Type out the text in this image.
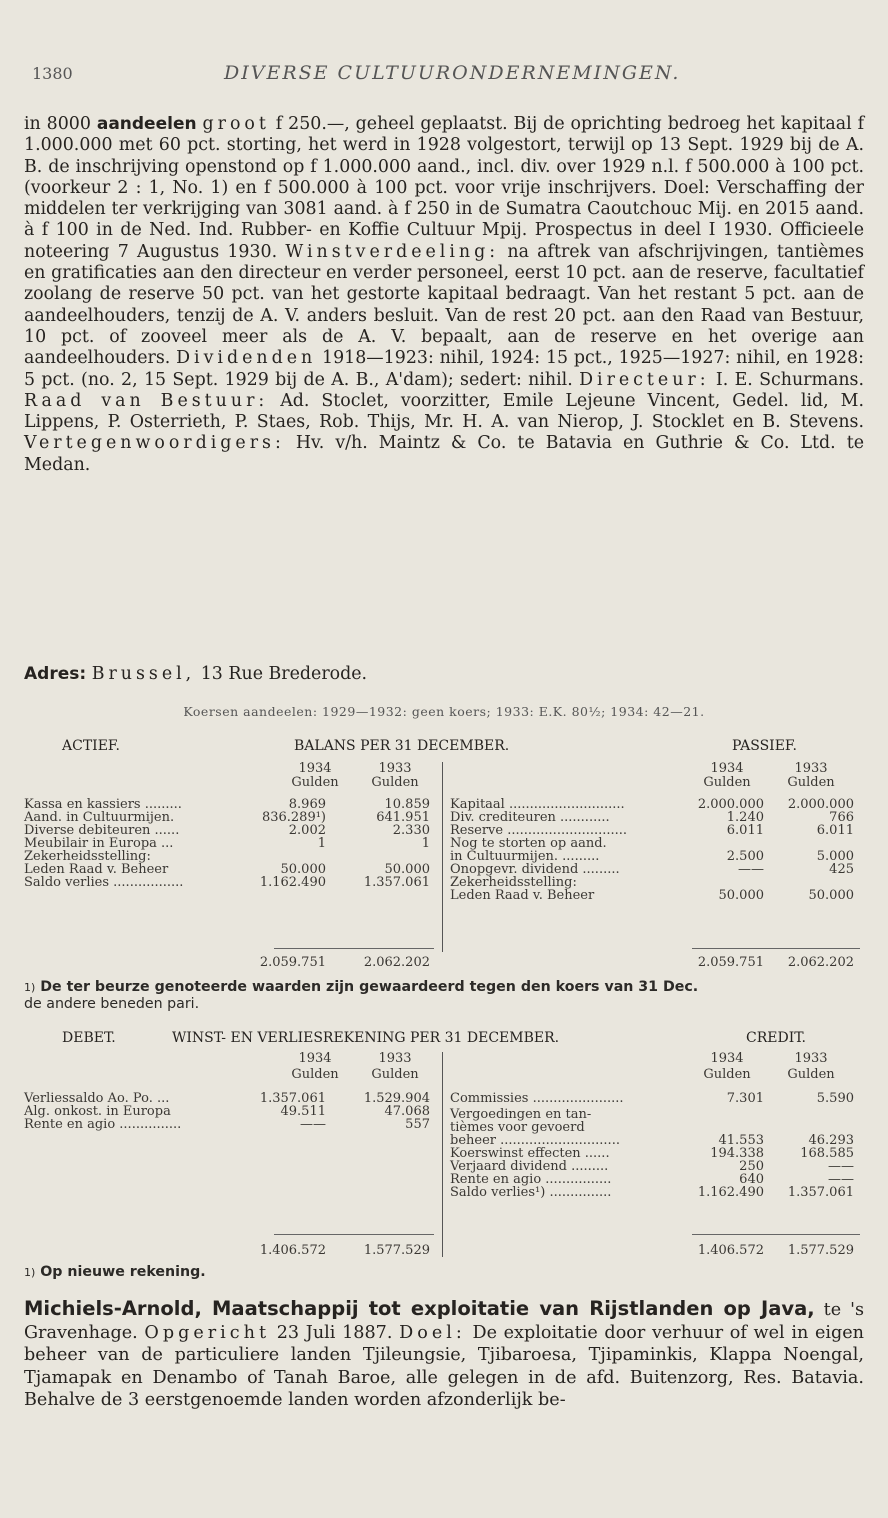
1380	DIVERSE CULTUURONDERNEMINGEN.
in 8000 aandeelen groot f 250.—, geheel geplaatst. Bij de oprichting bedroeg het kapitaal f 1.000.000 met 60 pct. storting, het werd in 1928 volgestort, terwijl op 13 Sept. 1929 bij de A. B. de inschrijving openstond op f 1.000.000 aand., incl. div. over 1929 n.l. f 500.000 à 100 pct. (voorkeur 2 : 1, No. 1) en f 500.000 à 100 pct. voor vrije inschrijvers. Doel: Verschaffing der middelen ter verkrijging van 3081 aand. à f 250 in de Sumatra Caoutchouc Mij. en 2015 aand. à f 100 in de Ned. Ind. Rubber- en Koffie Cultuur Mpij. Prospectus in deel I 1930. Officieele noteering 7 Augustus 1930. Winstverdeeling: na aftrek van afschrijvingen, tantièmes en gratificaties aan den directeur en verder personeel, eerst 10 pct. aan de reserve, facultatief zoolang de reserve 50 pct. van het gestorte kapitaal bedraagt. Van het restant 5 pct. aan de aandeelhouders, tenzij de A. V. anders besluit. Van de rest 20 pct. aan den Raad van Bestuur, 10 pct. of zooveel meer als de A. V. bepaalt, aan de reserve en het overige aan aandeelhouders. Dividenden 1918—1923: nihil, 1924: 15 pct., 1925—1927: nihil, en 1928: 5 pct. (no. 2, 15 Sept. 1929 bij de A. B., A'dam); sedert: nihil. Directeur: I. E. Schurmans. Raad van Bestuur: Ad. Stoclet, voorzitter, Emile Lejeune Vincent, Gedel. lid, M. Lippens, P. Osterrieth, P. Staes, Rob. Thijs, Mr. H. A. van Nierop, J. Stocklet en B. Stevens. Vertegenwoordigers: Hv. v/h. Maintz & Co. te Batavia en Guthrie & Co. Ltd. te Medan.
Adres: Brussel, 13 Rue Brederode.
Koersen aandeelen: 1929—1932: geen koers; 1933: E.K. 80½; 1934: 42—21.
ACTIEF.	BALANS PER 31 DECEMBER.	PASSIEF.
1934	1933	1934	1933
Gulden	Gulden	Gulden	Gulden
Kassa en kassiers .........	8.969	10.859
Aand. in Cultuurmijen.	836.289¹)	641.951
Diverse debiteuren ......	2.002	2.330
Meubilair in Europa ...	1	1
Zekerheidsstelling:
Leden Raad v. Beheer	50.000	50.000
Saldo verlies .................	1.162.490	1.357.061
Kapitaal ............................	2.000.000 2.000.000
Div. crediteuren ............	1.240	766
Reserve .............................	6.011	6.011
Nog te storten op aand.
in Cultuurmijen. .........	2.500	5.000
Onopgevr. dividend .........	——	425
Zekerheidsstelling:
Leden Raad v. Beheer	50.000	50.000
2.059.751	2.062.202	2.059.751 2.062.202
1) De ter beurze genoteerde waarden zijn gewaardeerd tegen den koers van 31 Dec.
de andere beneden pari.
DEBET.	WINST- EN VERLIESREKENING PER 31 DECEMBER.	CREDIT.
1934	1933	1934	1933
Gulden	Gulden	Gulden	Gulden
Verliessaldo Ao. Po. ...	1.357.061	1.529.904
Alg. onkost. in Europa	49.511	47.068
Rente en agio ...............	——	557
Commissies ......................	7.301	5.590
Vergoedingen en tan-
tièmes voor gevoerd
beheer .............................	41.553	46.293
Koerswinst effecten ......	194.338	168.585
Verjaard dividend .........	250	——
Rente en agio ................	640	——
Saldo verlies¹) ...............	1.162.490 1.357.061
1.406.572	1.577.529	1.406.572 1.577.529
1) Op nieuwe rekening.
Michiels-Arnold, Maatschappij tot exploitatie van Rijstlanden op Java, te 's Gravenhage. Opgericht 23 Juli 1887. Doel: De exploitatie door verhuur of wel in eigen beheer van de particuliere landen Tjileungsie, Tjibaroesa, Tjipaminkis, Klappa Noengal, Tjamapak en Denambo of Tanah Baroe, alle gelegen in de afd. Buitenzorg, Res. Batavia. Behalve de 3 eerstgenoemde landen worden afzonderlijk be-
